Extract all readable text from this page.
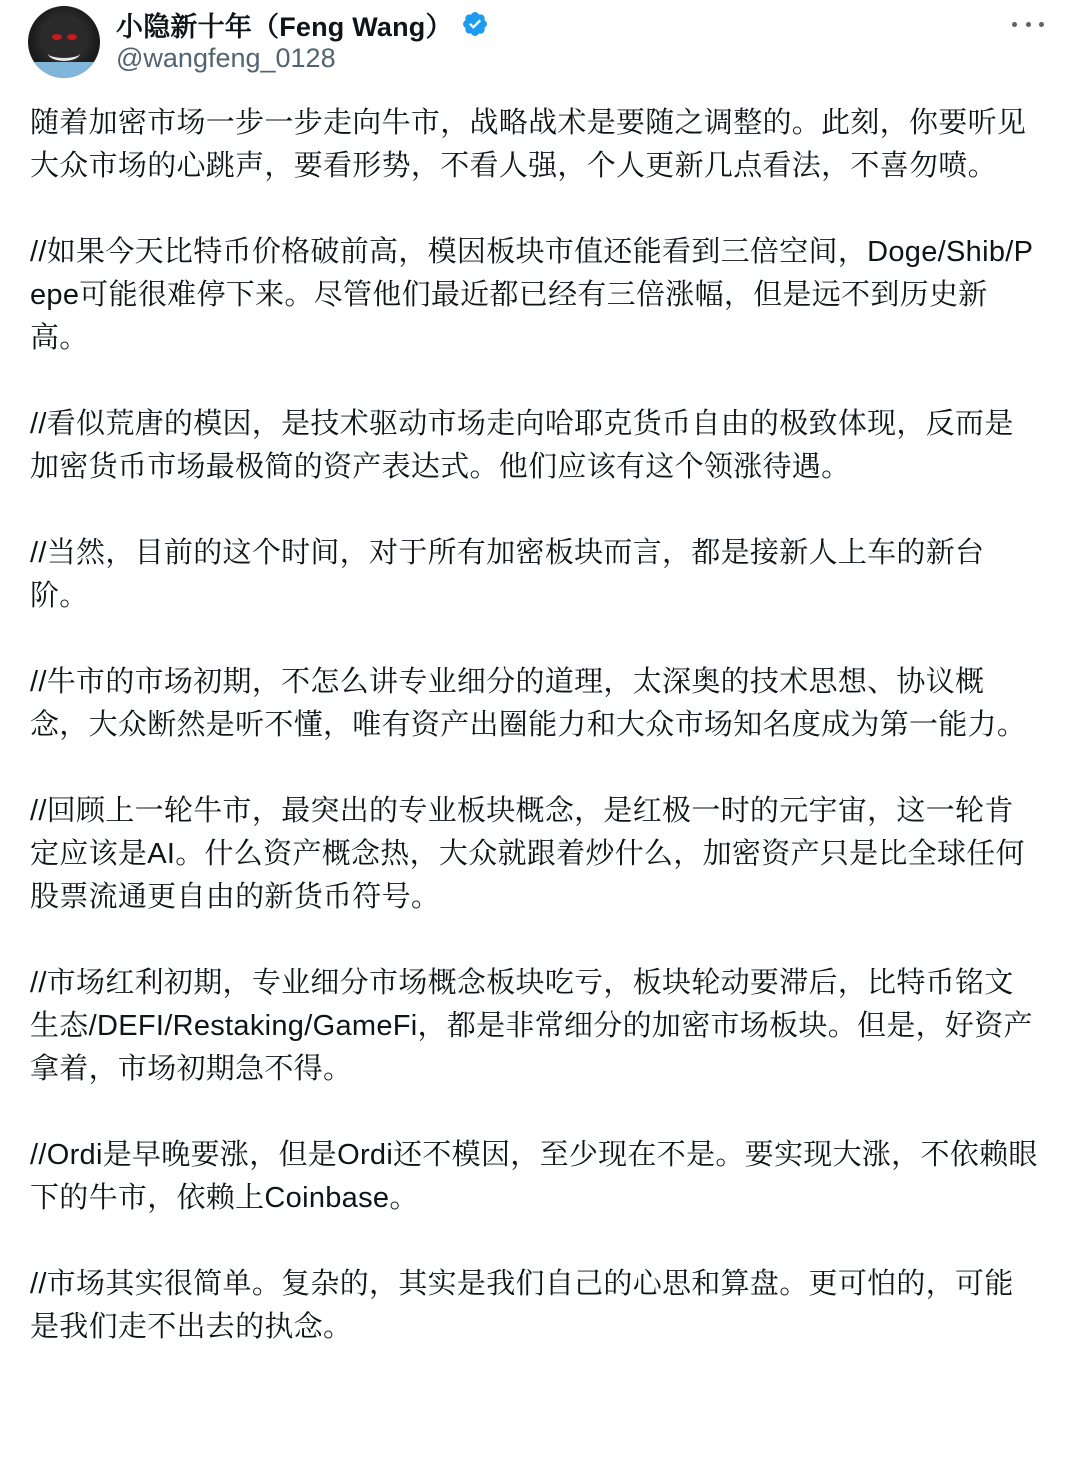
小隐新十年（Feng Wang）
@wangfeng_0128

随着加密市场一步一步走向牛市，战略战术是要随之调整的。此刻，你要听见大众市场的心跳声，要看形势，不看人强，个人更新几点看法，不喜勿喷。

//如果今天比特币价格破前高，模因板块市值还能看到三倍空间，Doge/Shib/Pepe可能很难停下来。尽管他们最近都已经有三倍涨幅，但是远不到历史新高。

//看似荒唐的模因，是技术驱动市场走向哈耶克货币自由的极致体现，反而是加密货币市场最极简的资产表达式。他们应该有这个领涨待遇。

//当然，目前的这个时间，对于所有加密板块而言，都是接新人上车的新台阶。

//牛市的市场初期，不怎么讲专业细分的道理，太深奥的技术思想、协议概念，大众断然是听不懂，唯有资产出圈能力和大众市场知名度成为第一能力。

//回顾上一轮牛市，最突出的专业板块概念，是红极一时的元宇宙，这一轮肯定应该是AI。什么资产概念热，大众就跟着炒什么，加密资产只是比全球任何股票流通更自由的新货币符号。

//市场红利初期，专业细分市场概念板块吃亏，板块轮动要滞后，比特币铭文生态/DEFI/Restaking/GameFi，都是非常细分的加密市场板块。但是，好资产拿着，市场初期急不得。

//Ordi是早晚要涨，但是Ordi还不模因，至少现在不是。要实现大涨，不依赖眼下的牛市，依赖上Coinbase。

//市场其实很简单。复杂的，其实是我们自己的心思和算盘。更可怕的，可能是我们走不出去的执念。
